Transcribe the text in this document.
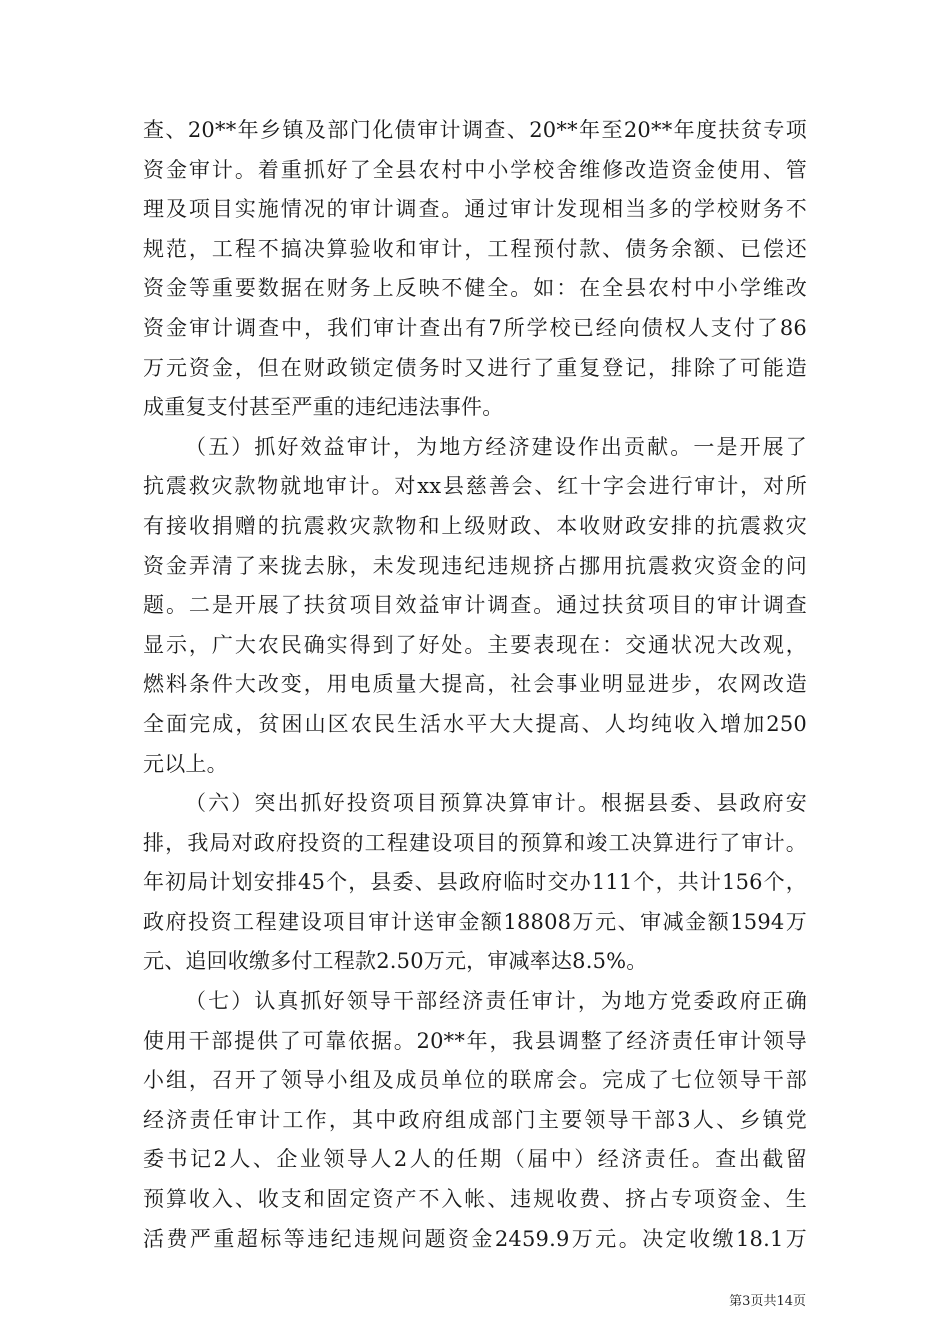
查、20**年乡镇及部门化债审计调查、20**年至20**年度扶贫专项
资金审计。着重抓好了全县农村中小学校舍维修改造资金使用、管
理及项目实施情况的审计调查。通过审计发现相当多的学校财务不
规范，工程不搞决算验收和审计，工程预付款、债务余额、已偿还
资金等重要数据在财务上反映不健全。如：在全县农村中小学维改
资金审计调查中，我们审计查出有7所学校已经向债权人支付了86
万元资金，但在财政锁定债务时又进行了重复登记，排除了可能造
成重复支付甚至严重的违纪违法事件。
（五）抓好效益审计，为地方经济建设作出贡献。一是开展了
抗震救灾款物就地审计。对xx县慈善会、红十字会进行审计，对所
有接收捐赠的抗震救灾款物和上级财政、本收财政安排的抗震救灾
资金弄清了来拢去脉，未发现违纪违规挤占挪用抗震救灾资金的问
题。二是开展了扶贫项目效益审计调查。通过扶贫项目的审计调查
显示，广大农民确实得到了好处。主要表现在：交通状况大改观，
燃料条件大改变，用电质量大提高，社会事业明显进步，农网改造
全面完成，贫困山区农民生活水平大大提高、人均纯收入增加250
元以上。
（六）突出抓好投资项目预算决算审计。根据县委、县政府安
排，我局对政府投资的工程建设项目的预算和竣工决算进行了审计。
年初局计划安排45个，县委、县政府临时交办111个，共计156个，
政府投资工程建设项目审计送审金额18808万元、审减金额1594万
元、追回收缴多付工程款2.50万元，审减率达8.5%。
（七）认真抓好领导干部经济责任审计，为地方党委政府正确
使用干部提供了可靠依据。20**年，我县调整了经济责任审计领导
小组，召开了领导小组及成员单位的联席会。完成了七位领导干部
经济责任审计工作，其中政府组成部门主要领导干部3人、乡镇党
委书记2人、企业领导人2人的任期（届中）经济责任。查出截留
预算收入、收支和固定资产不入帐、违规收费、挤占专项资金、生
活费严重超标等违纪违规问题资金2459.9万元。决定收缴18.1万
第3页共14页
